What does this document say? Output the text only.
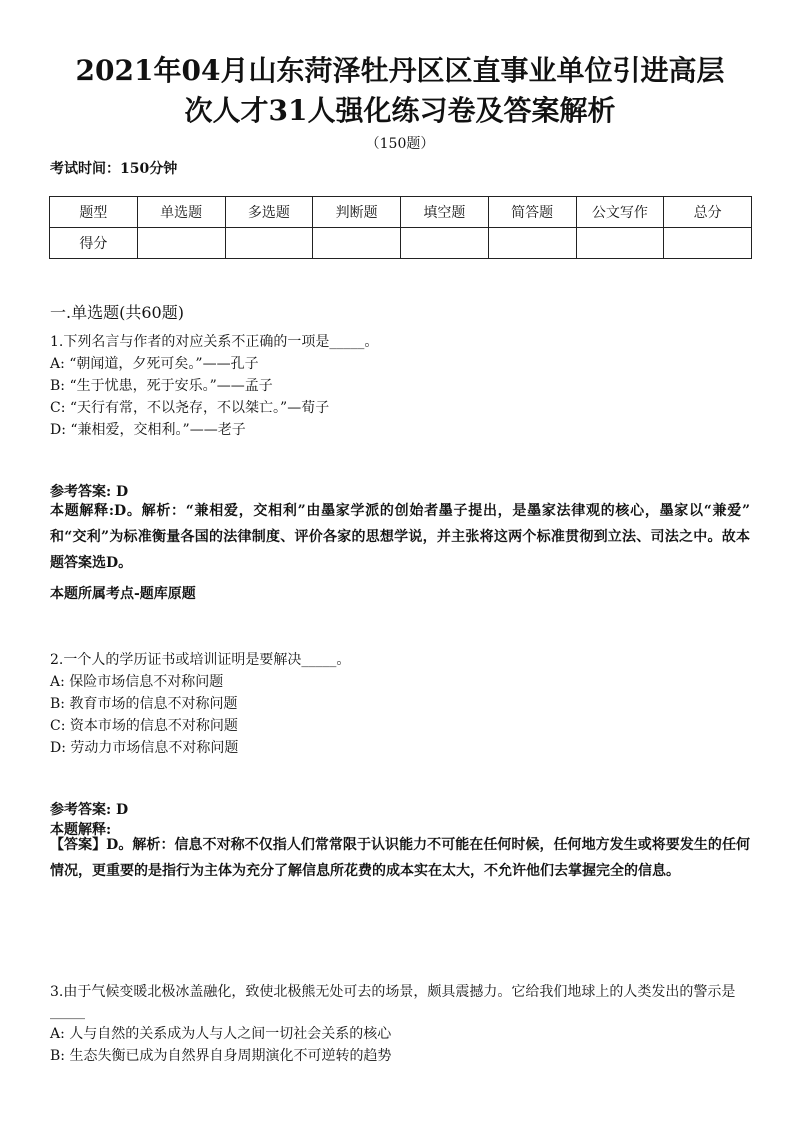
2021年04月山东菏泽牡丹区区直事业单位引进高层
次人才31人强化练习卷及答案解析
（150题）
考试时间：150分钟
题型	单选题	多选题	判断题	填空题	简答题	公文写作	总分
得分							
一.单选题(共60题)
1.下列名言与作者的对应关系不正确的一项是_____。
A: “朝闻道，夕死可矣。”——孔子
B: “生于忧患，死于安乐。”——孟子
C: “天行有常，不以尧存，不以桀亡。”—荀子
D: “兼相爱，交相利。”——老子
参考答案: D
本题解释:D。解析：“兼相爱，交相利”由墨家学派的创始者墨子提出，是墨家法律观的核心，墨家以“兼爱” 和“交利”为标准衡量各国的法律制度、评价各家的思想学说，并主张将这两个标准贯彻到立法、司法之中。故本 题答案选D。
本题所属考点-题库原题
2.一个人的学历证书或培训证明是要解决_____。
A: 保险市场信息不对称问题
B: 教育市场的信息不对称问题
C: 资本市场的信息不对称问题
D: 劳动力市场信息不对称问题
参考答案: D
本题解释:
【答案】D。解析：信息不对称不仅指人们常常限于认识能力不可能在任何时候，任何地方发生或将要发生的任何情况，更重要的是指行为主体为充分了解信息所花费的成本实在太大，不允许他们去掌握完全的信息。
3.由于气候变暖北极冰盖融化，致使北极熊无处可去的场景，颇具震撼力。它给我们地球上的人类发出的警示是 _____
A: 人与自然的关系成为人与人之间一切社会关系的核心
B: 生态失衡已成为自然界自身周期演化不可逆转的趋势
